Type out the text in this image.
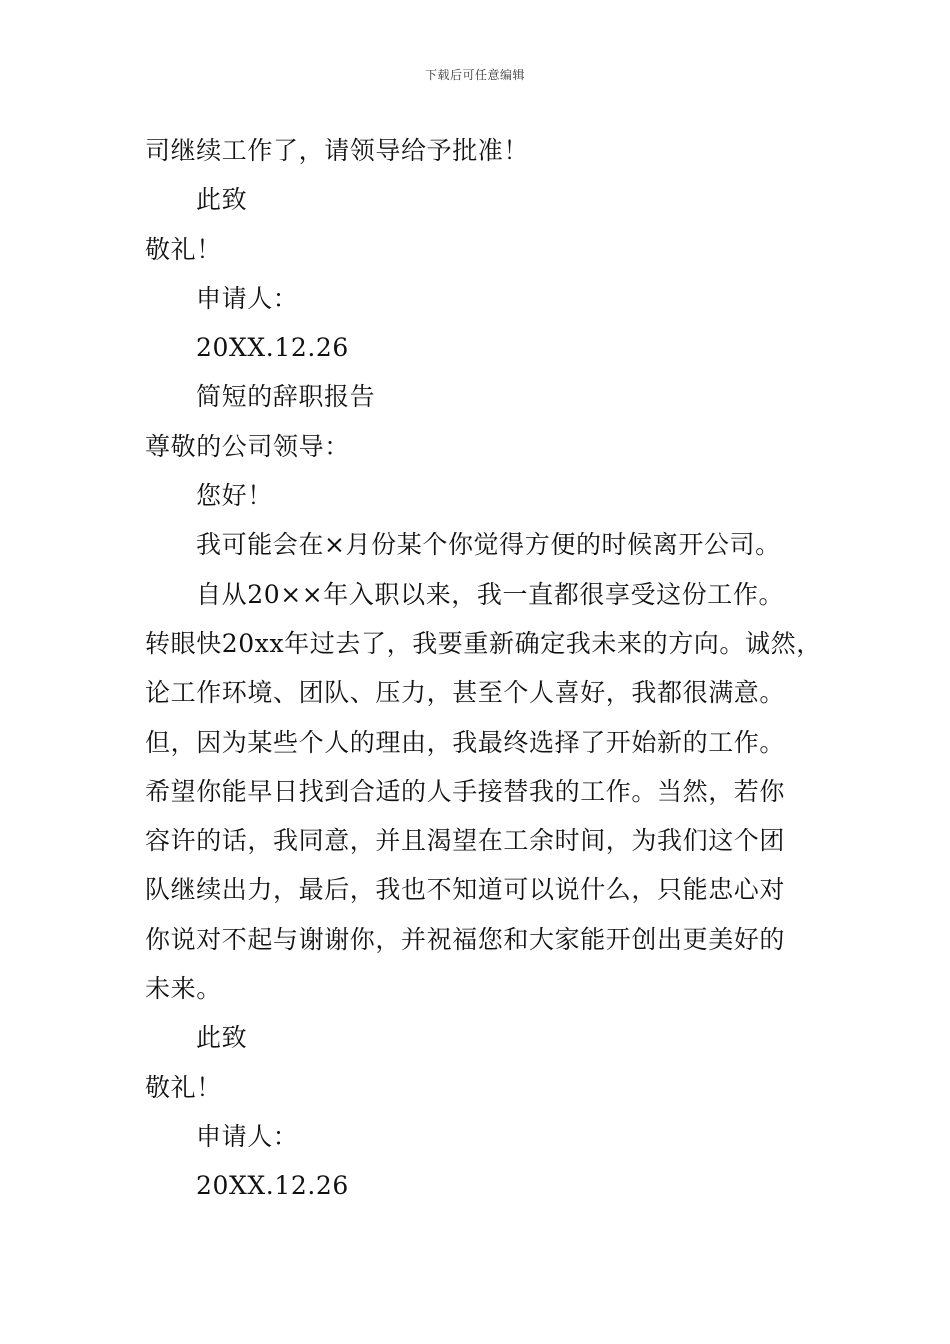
下载后可任意编辑
司继续工作了，请领导给予批准！
此致
敬礼！
申请人：
20XX.12.26
简短的辞职报告
尊敬的公司领导：
您好！
我可能会在×月份某个你觉得方便的时候离开公司。
自从20××年入职以来，我一直都很享受这份工作。
转眼快20xx年过去了，我要重新确定我未来的方向。诚然，
论工作环境、团队、压力，甚至个人喜好，我都很满意。
但，因为某些个人的理由，我最终选择了开始新的工作。
希望你能早日找到合适的人手接替我的工作。当然，若你
容许的话，我同意，并且渴望在工余时间，为我们这个团
队继续出力，最后，我也不知道可以说什么，只能忠心对
你说对不起与谢谢你，并祝福您和大家能开创出更美好的
未来。
此致
敬礼！
申请人：
20XX.12.26
